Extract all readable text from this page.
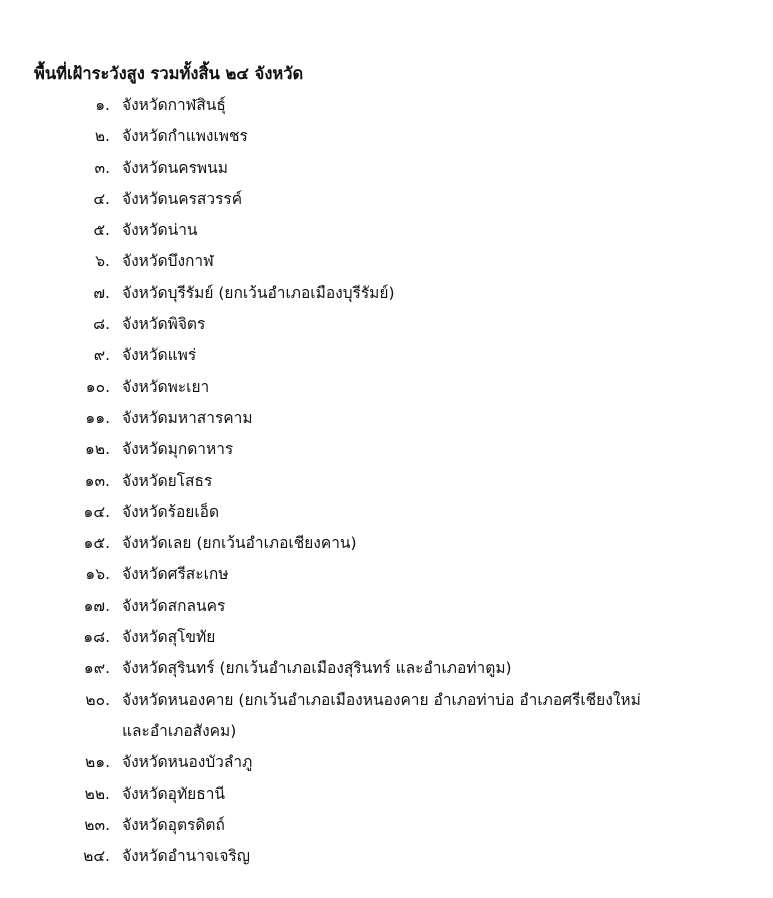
พื้นที่เฝ้าระวังสูง รวมทั้งสิ้น ๒๔ จังหวัด
๑. จังหวัดกาฬสินธุ์
๒. จังหวัดกำแพงเพชร
๓. จังหวัดนครพนม
๔. จังหวัดนครสวรรค์
๕. จังหวัดน่าน
๖. จังหวัดบึงกาฬ
๗. จังหวัดบุรีรัมย์ (ยกเว้นอำเภอเมืองบุรีรัมย์)
๘. จังหวัดพิจิตร
๙. จังหวัดแพร่
๑๐. จังหวัดพะเยา
๑๑. จังหวัดมหาสารคาม
๑๒. จังหวัดมุกดาหาร
๑๓. จังหวัดยโสธร
๑๔. จังหวัดร้อยเอ็ด
๑๕. จังหวัดเลย (ยกเว้นอำเภอเชียงคาน)
๑๖. จังหวัดศรีสะเกษ
๑๗. จังหวัดสกลนคร
๑๘. จังหวัดสุโขทัย
๑๙. จังหวัดสุรินทร์ (ยกเว้นอำเภอเมืองสุรินทร์ และอำเภอท่าตูม)
๒๐. จังหวัดหนองคาย (ยกเว้นอำเภอเมืองหนองคาย อำเภอท่าบ่อ อำเภอศรีเชียงใหม่
และอำเภอสังคม)
๒๑. จังหวัดหนองบัวลำภู
๒๒. จังหวัดอุทัยธานี
๒๓. จังหวัดอุตรดิตถ์
๒๔. จังหวัดอำนาจเจริญ
